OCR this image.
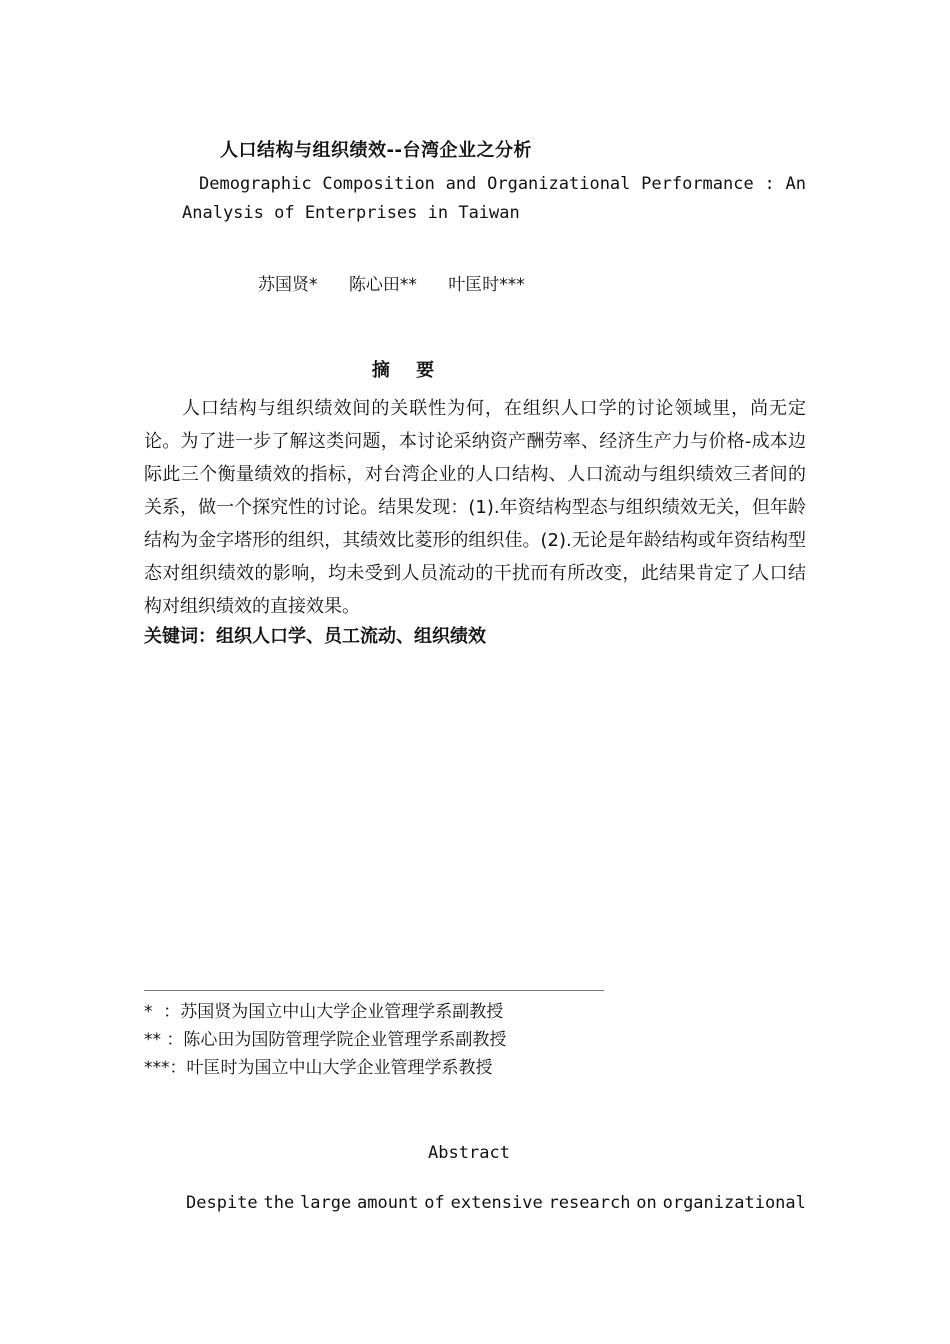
人口结构与组织绩效--台湾企业之分析
Demographic Composition and Organizational Performance : An
Analysis of Enterprises in Taiwan
苏国贤* 陈心田** 叶匡时***
摘 要
人口结构与组织绩效间的关联性为何，在组织人口学的讨论领域里，尚无定论。为了进一步了解这类问题，本讨论采纳资产酬劳率、经济生产力与价格-成本边际此三个衡量绩效的指标，对台湾企业的人口结构、人口流动与组织绩效三者间的关系，做一个探究性的讨论。结果发现：(1).年资结构型态与组织绩效无关，但年龄结构为金字塔形的组织，其绩效比菱形的组织佳。(2).无论是年龄结构或年资结构型态对组织绩效的影响，均未受到人员流动的干扰而有所改变，此结果肯定了人口结构对组织绩效的直接效果。
关键词：组织人口学、员工流动、组织绩效
*  ：苏国贤为国立中山大学企业管理学系副教授
** ：陈心田为国防管理学院企业管理学系副教授
***：叶匡时为国立中山大学企业管理学系教授
Abstract
Despite the large amount of extensive research on organizational
